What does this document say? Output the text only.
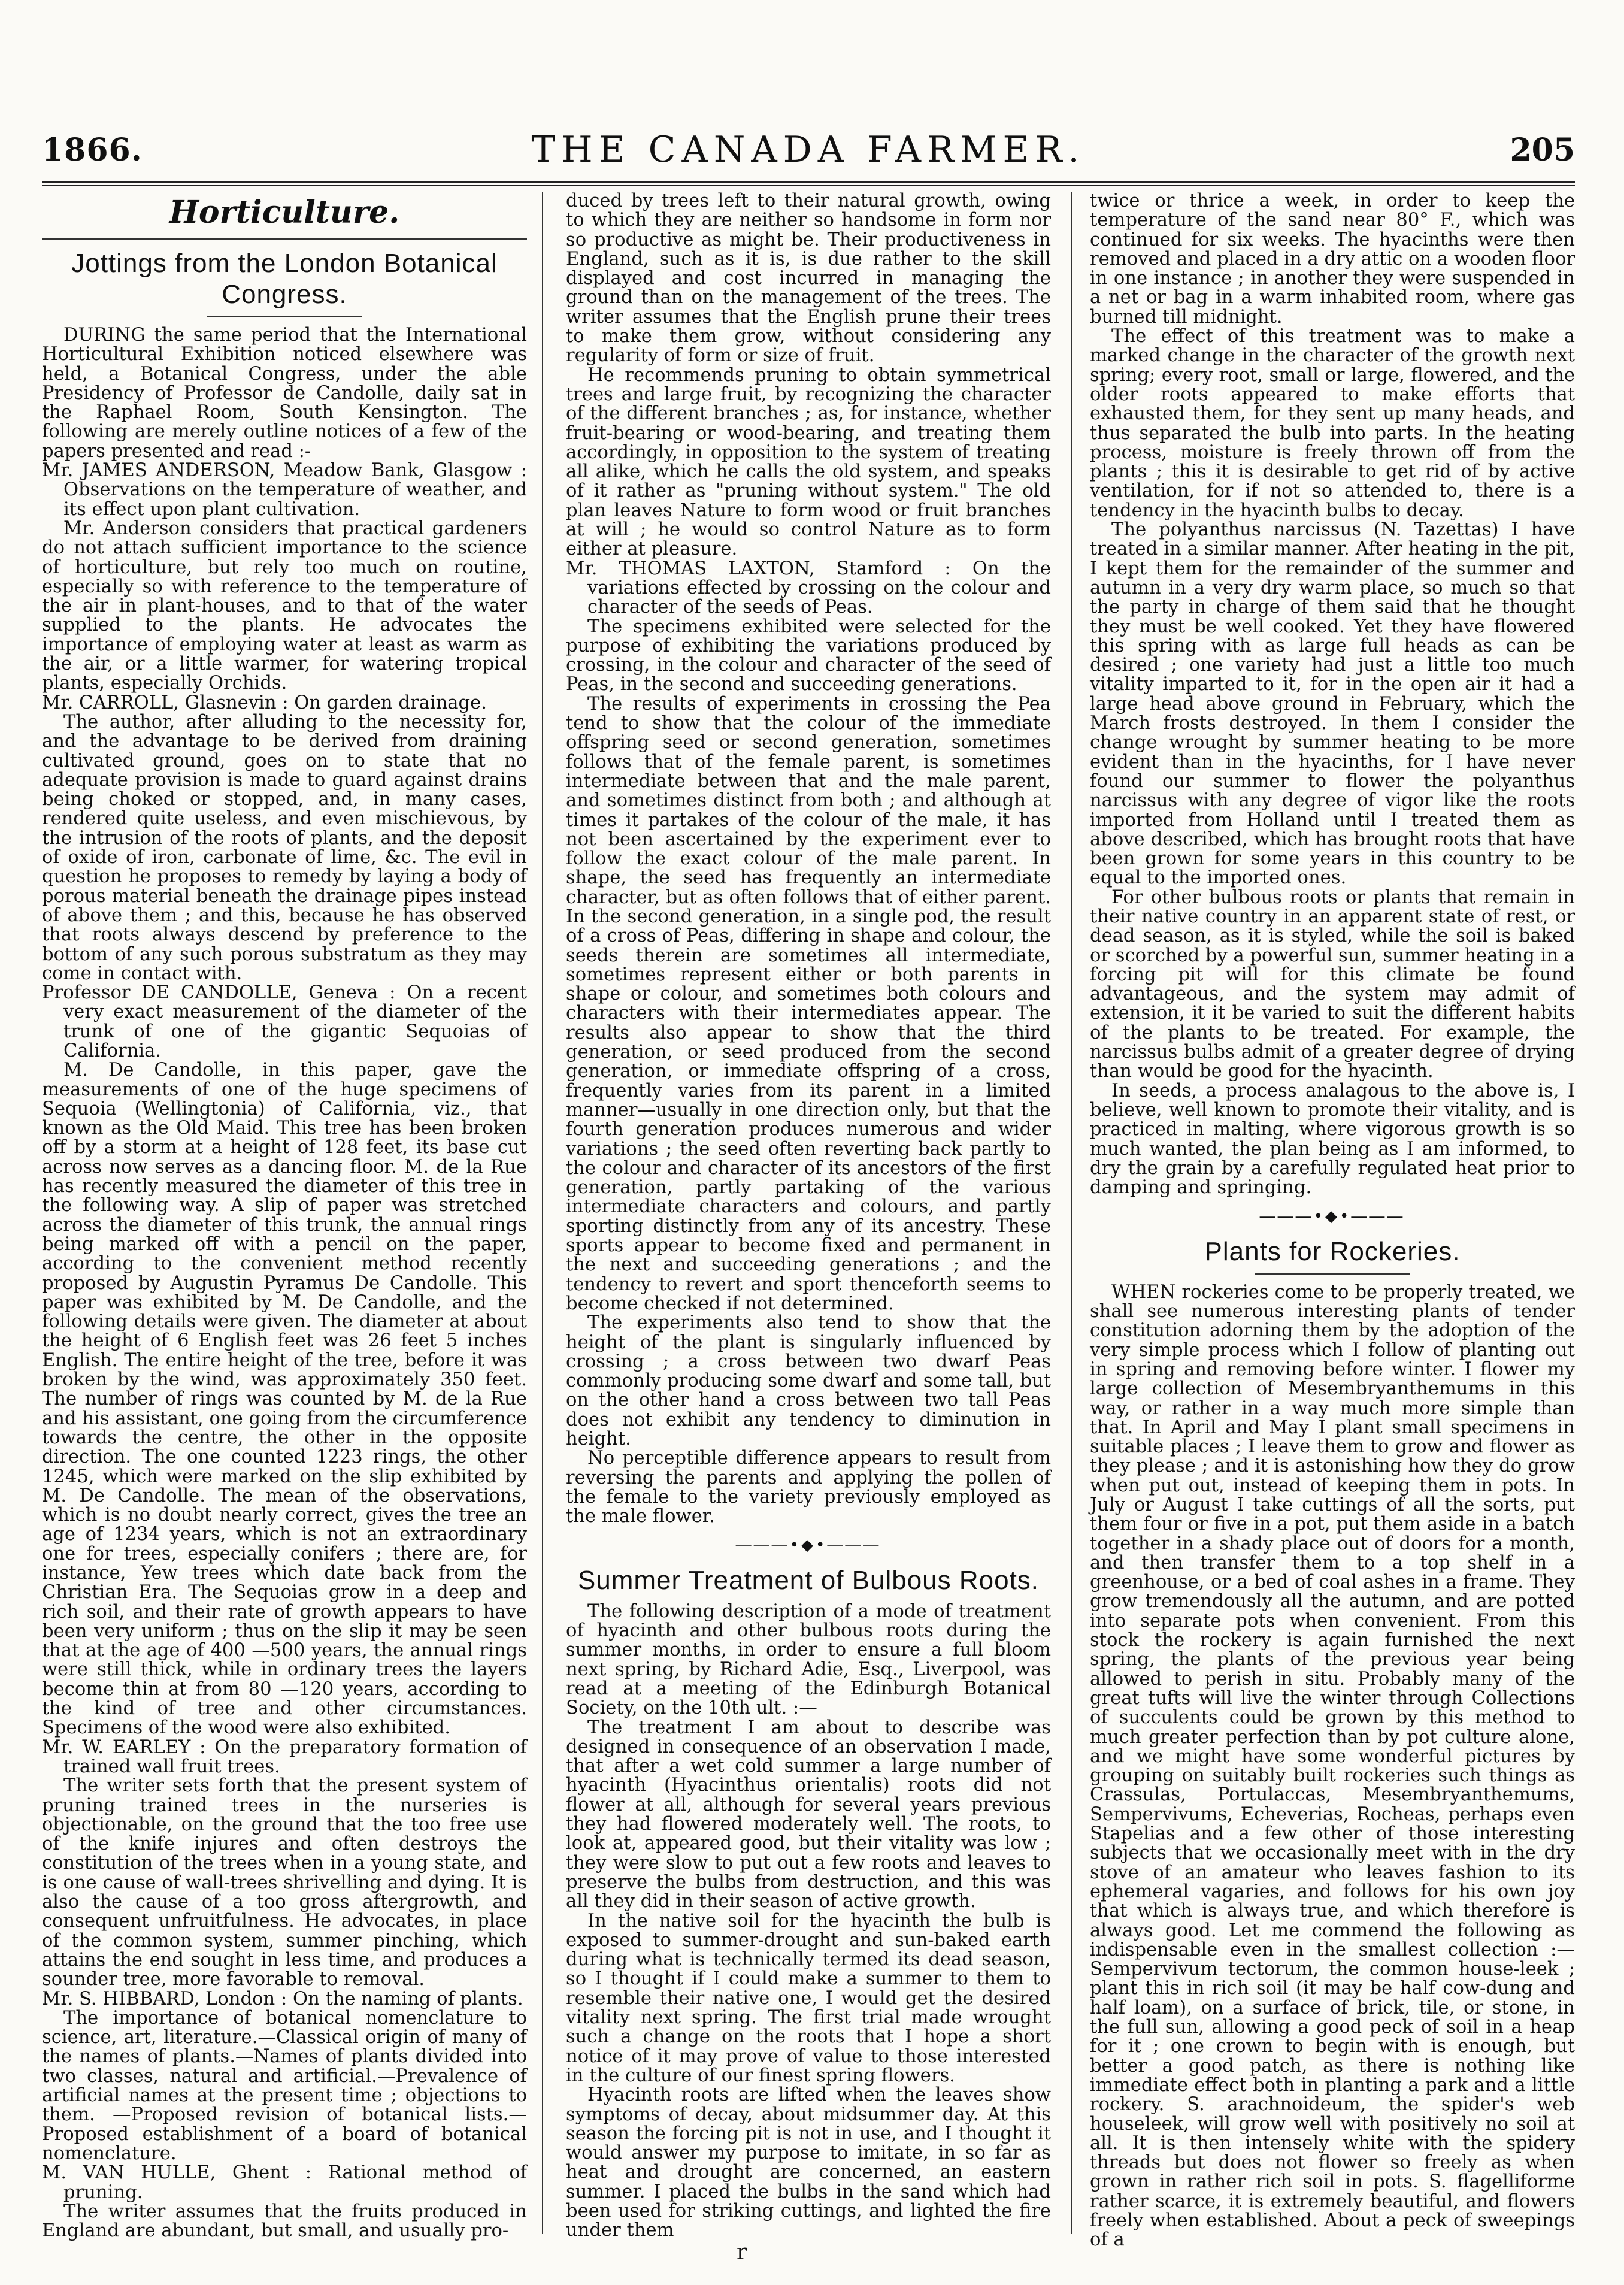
1866.	THE CANADA FARMER.	205
Horticulture.
Jottings from the London Botanical Congress.

DURING the same period that the International Horticultural Exhibition noticed elsewhere was held, a Botanical Congress, under the able Presidency of Professor de Candolle, daily sat in the Raphael Room, South Kensington. The following are merely outline notices of a few of the papers presented and read :-

Mr. JAMES ANDERSON, Meadow Bank, Glasgow : Observations on the temperature of weather, and its effect upon plant cultivation.

Mr. Anderson considers that practical gardeners do not attach sufficient importance to the science of horticulture, but rely too much on routine, especially so with reference to the temperature of the air in plant-houses, and to that of the water supplied to the plants. He advocates the importance of employing water at least as warm as the air, or a little warmer, for watering tropical plants, especially Orchids.

Mr. CARROLL, Glasnevin : On garden drainage.

The author, after alluding to the necessity for, and the advantage to be derived from draining cultivated ground, goes on to state that no adequate provision is made to guard against drains being choked or stopped, and, in many cases, rendered quite useless, and even mischievous, by the intrusion of the roots of plants, and the deposit of oxide of iron, carbonate of lime, &c. The evil in question he proposes to remedy by laying a body of porous material beneath the drainage pipes instead of above them ; and this, because he has observed that roots always descend by preference to the bottom of any such porous substratum as they may come in contact with.

Professor DE CANDOLLE, Geneva : On a recent very exact measurement of the diameter of the trunk of one of the gigantic Sequoias of California.

M. De Candolle, in this paper, gave the measurements of one of the huge specimens of Sequoia (Wellingtonia) of California, viz., that known as the Old Maid. This tree has been broken off by a storm at a height of 128 feet, its base cut across now serves as a dancing floor. M. de la Rue has recently measured the diameter of this tree in the following way. A slip of paper was stretched across the diameter of this trunk, the annual rings being marked off with a pencil on the paper, according to the convenient method recently proposed by Augustin Pyramus De Candolle. This paper was exhibited by M. De Candolle, and the following details were given. The diameter at about the height of 6 English feet was 26 feet 5 inches English. The entire height of the tree, before it was broken by the wind, was approximately 350 feet. The number of rings was counted by M. de la Rue and his assistant, one going from the circumference towards the centre, the other in the opposite direction. The one counted 1223 rings, the other 1245, which were marked on the slip exhibited by M. De Candolle. The mean of the observations, which is no doubt nearly correct, gives the tree an age of 1234 years, which is not an extraordinary one for trees, especially conifers ; there are, for instance, Yew trees which date back from the Christian Era. The Sequoias grow in a deep and rich soil, and their rate of growth appears to have been very uniform ; thus on the slip it may be seen that at the age of 400 —500 years, the annual rings were still thick, while in ordinary trees the layers become thin at from 80 —120 years, according to the kind of tree and other circumstances. Specimens of the wood were also exhibited.

Mr. W. EARLEY : On the preparatory formation of trained wall fruit trees.

The writer sets forth that the present system of pruning trained trees in the nurseries is objectionable, on the ground that the too free use of the knife injures and often destroys the constitution of the trees when in a young state, and is one cause of wall-trees shrivelling and dying. It is also the cause of a too gross aftergrowth, and consequent unfruitfulness. He advocates, in place of the common system, summer pinching, which attains the end sought in less time, and produces a sounder tree, more favorable to removal.

Mr. S. HIBBARD, London : On the naming of plants.

The importance of botanical nomenclature to science, art, literature.—Classical origin of many of the names of plants.—Names of plants divided into two classes, natural and artificial.—Prevalence of artificial names at the present time ; objections to them. —Proposed revision of botanical lists.—Proposed establishment of a board of botanical nomenclature.

M. VAN HULLE, Ghent : Rational method of pruning.

The writer assumes that the fruits produced in England are abundant, but small, and usually pro-

duced by trees left to their natural growth, owing to which they are neither so handsome in form nor so productive as might be. Their productiveness in England, such as it is, is due rather to the skill displayed and cost incurred in managing the ground than on the management of the trees. The writer assumes that the English prune their trees to make them grow, without considering any regularity of form or size of fruit.

He recommends pruning to obtain symmetrical trees and large fruit, by recognizing the character of the different branches ; as, for instance, whether fruit-bearing or wood-bearing, and treating them accordingly, in opposition to the system of treating all alike, which he calls the old system, and speaks of it rather as "pruning without system." The old plan leaves Nature to form wood or fruit branches at will ; he would so control Nature as to form either at pleasure.

Mr. THOMAS LAXTON, Stamford : On the variations effected by crossing on the colour and character of the seeds of Peas.

The specimens exhibited were selected for the purpose of exhibiting the variations produced by crossing, in the colour and character of the seed of Peas, in the second and succeeding generations.

The results of experiments in crossing the Pea tend to show that the colour of the immediate offspring seed or second generation, sometimes follows that of the female parent, is sometimes intermediate between that and the male parent, and sometimes distinct from both ; and although at times it partakes of the colour of the male, it has not been ascertained by the experiment ever to follow the exact colour of the male parent. In shape, the seed has frequently an intermediate character, but as often follows that of either parent. In the second generation, in a single pod, the result of a cross of Peas, differing in shape and colour, the seeds therein are sometimes all intermediate, sometimes represent either or both parents in shape or colour, and sometimes both colours and characters with their intermediates appear. The results also appear to show that the third generation, or seed produced from the second generation, or immediate offspring of a cross, frequently varies from its parent in a limited manner—usually in one direction only, but that the fourth generation produces numerous and wider variations ; the seed often reverting back partly to the colour and character of its ancestors of the first generation, partly partaking of the various intermediate characters and colours, and partly sporting distinctly from any of its ancestry. These sports appear to become fixed and permanent in the next and succeeding generations ; and the tendency to revert and sport thenceforth seems to become checked if not determined.

The experiments also tend to show that the height of the plant is singularly influenced by crossing ; a cross between two dwarf Peas commonly producing some dwarf and some tall, but on the other hand a cross between two tall Peas does not exhibit any tendency to diminution in height.

No perceptible difference appears to result from reversing the parents and applying the pollen of the female to the variety previously employed as the male flower.

―――•◆•―――
Summer Treatment of Bulbous Roots.

The following description of a mode of treatment of hyacinth and other bulbous roots during the summer months, in order to ensure a full bloom next spring, by Richard Adie, Esq., Liverpool, was read at a meeting of the Edinburgh Botanical Society, on the 10th ult. :—

The treatment I am about to describe was designed in consequence of an observation I made, that after a wet cold summer a large number of hyacinth (Hyacinthus orientalis) roots did not flower at all, although for several years previous they had flowered moderately well. The roots, to look at, appeared good, but their vitality was low ; they were slow to put out a few roots and leaves to preserve the bulbs from destruction, and this was all they did in their season of active growth.

In the native soil for the hyacinth the bulb is exposed to summer-drought and sun-baked earth during what is technically termed its dead season, so I thought if I could make a summer to them to resemble their native one, I would get the desired vitality next spring. The first trial made wrought such a change on the roots that I hope a short notice of it may prove of value to those interested in the culture of our finest spring flowers.

Hyacinth roots are lifted when the leaves show symptoms of decay, about midsummer day. At this season the forcing pit is not in use, and I thought it would answer my purpose to imitate, in so far as heat and drought are concerned, an eastern summer. I placed the bulbs in the sand which had been used for striking cuttings, and lighted the fire under them

twice or thrice a week, in order to keep the temperature of the sand near 80° F., which was continued for six weeks. The hyacinths were then removed and placed in a dry attic on a wooden floor in one instance ; in another they were suspended in a net or bag in a warm inhabited room, where gas burned till midnight.

The effect of this treatment was to make a marked change in the character of the growth next spring; every root, small or large, flowered, and the older roots appeared to make efforts that exhausted them, for they sent up many heads, and thus separated the bulb into parts. In the heating process, moisture is freely thrown off from the plants ; this it is desirable to get rid of by active ventilation, for if not so attended to, there is a tendency in the hyacinth bulbs to decay.

The polyanthus narcissus (N. Tazettas) I have treated in a similar manner. After heating in the pit, I kept them for the remainder of the summer and autumn in a very dry warm place, so much so that the party in charge of them said that he thought they must be well cooked. Yet they have flowered this spring with as large full heads as can be desired ; one variety had just a little too much vitality imparted to it, for in the open air it had a large head above ground in February, which the March frosts destroyed. In them I consider the change wrought by summer heating to be more evident than in the hyacinths, for I have never found our summer to flower the polyanthus narcissus with any degree of vigor like the roots imported from Holland until I treated them as above described, which has brought roots that have been grown for some years in this country to be equal to the imported ones.

For other bulbous roots or plants that remain in their native country in an apparent state of rest, or dead season, as it is styled, while the soil is baked or scorched by a powerful sun, summer heating in a forcing pit will for this climate be found advantageous, and the system may admit of extension, it it be varied to suit the different habits of the plants to be treated. For example, the narcissus bulbs admit of a greater degree of drying than would be good for the hyacinth.

In seeds, a process analagous to the above is, I believe, well known to promote their vitality, and is practiced in malting, where vigorous growth is so much wanted, the plan being as I am informed, to dry the grain by a carefully regulated heat prior to damping and springing.

―――•◆•―――
Plants for Rockeries.

WHEN rockeries come to be properly treated, we shall see numerous interesting plants of tender constitution adorning them by the adoption of the very simple process which I follow of planting out in spring and removing before winter. I flower my large collection of Mesembryanthemums in this way, or rather in a way much more simple than that. In April and May I plant small specimens in suitable places ; I leave them to grow and flower as they please ; and it is astonishing how they do grow when put out, instead of keeping them in pots. In July or August I take cuttings of all the sorts, put them four or five in a pot, put them aside in a batch together in a shady place out of doors for a month, and then transfer them to a top shelf in a greenhouse, or a bed of coal ashes in a frame. They grow tremendously all the autumn, and are potted into separate pots when convenient. From this stock the rockery is again furnished the next spring, the plants of the previous year being allowed to perish in situ. Probably many of the great tufts will live the winter through Collections of succulents could be grown by this method to much greater perfection than by pot culture alone, and we might have some wonderful pictures by grouping on suitably built rockeries such things as Crassulas, Portulaccas, Mesembryanthemums, Sempervivums, Echeverias, Rocheas, perhaps even Stapelias and a few other of those interesting subjects that we occasionally meet with in the dry stove of an amateur who leaves fashion to its ephemeral vagaries, and follows for his own joy that which is always true, and which therefore is always good. Let me commend the following as indispensable even in the smallest collection :—Sempervivum tectorum, the common house-leek ; plant this in rich soil (it may be half cow-dung and half loam), on a surface of brick, tile, or stone, in the full sun, allowing a good peck of soil in a heap for it ; one crown to begin with is enough, but better a good patch, as there is nothing like immediate effect both in planting a park and a little rockery. S. arachnoideum, the spider's web houseleek, will grow well with positively no soil at all. It is then intensely white with the spidery threads but does not flower so freely as when grown in rather rich soil in pots. S. flagelliforme rather scarce, it is extremely beautiful, and flowers freely when established. About a peck of sweepings of a

r
